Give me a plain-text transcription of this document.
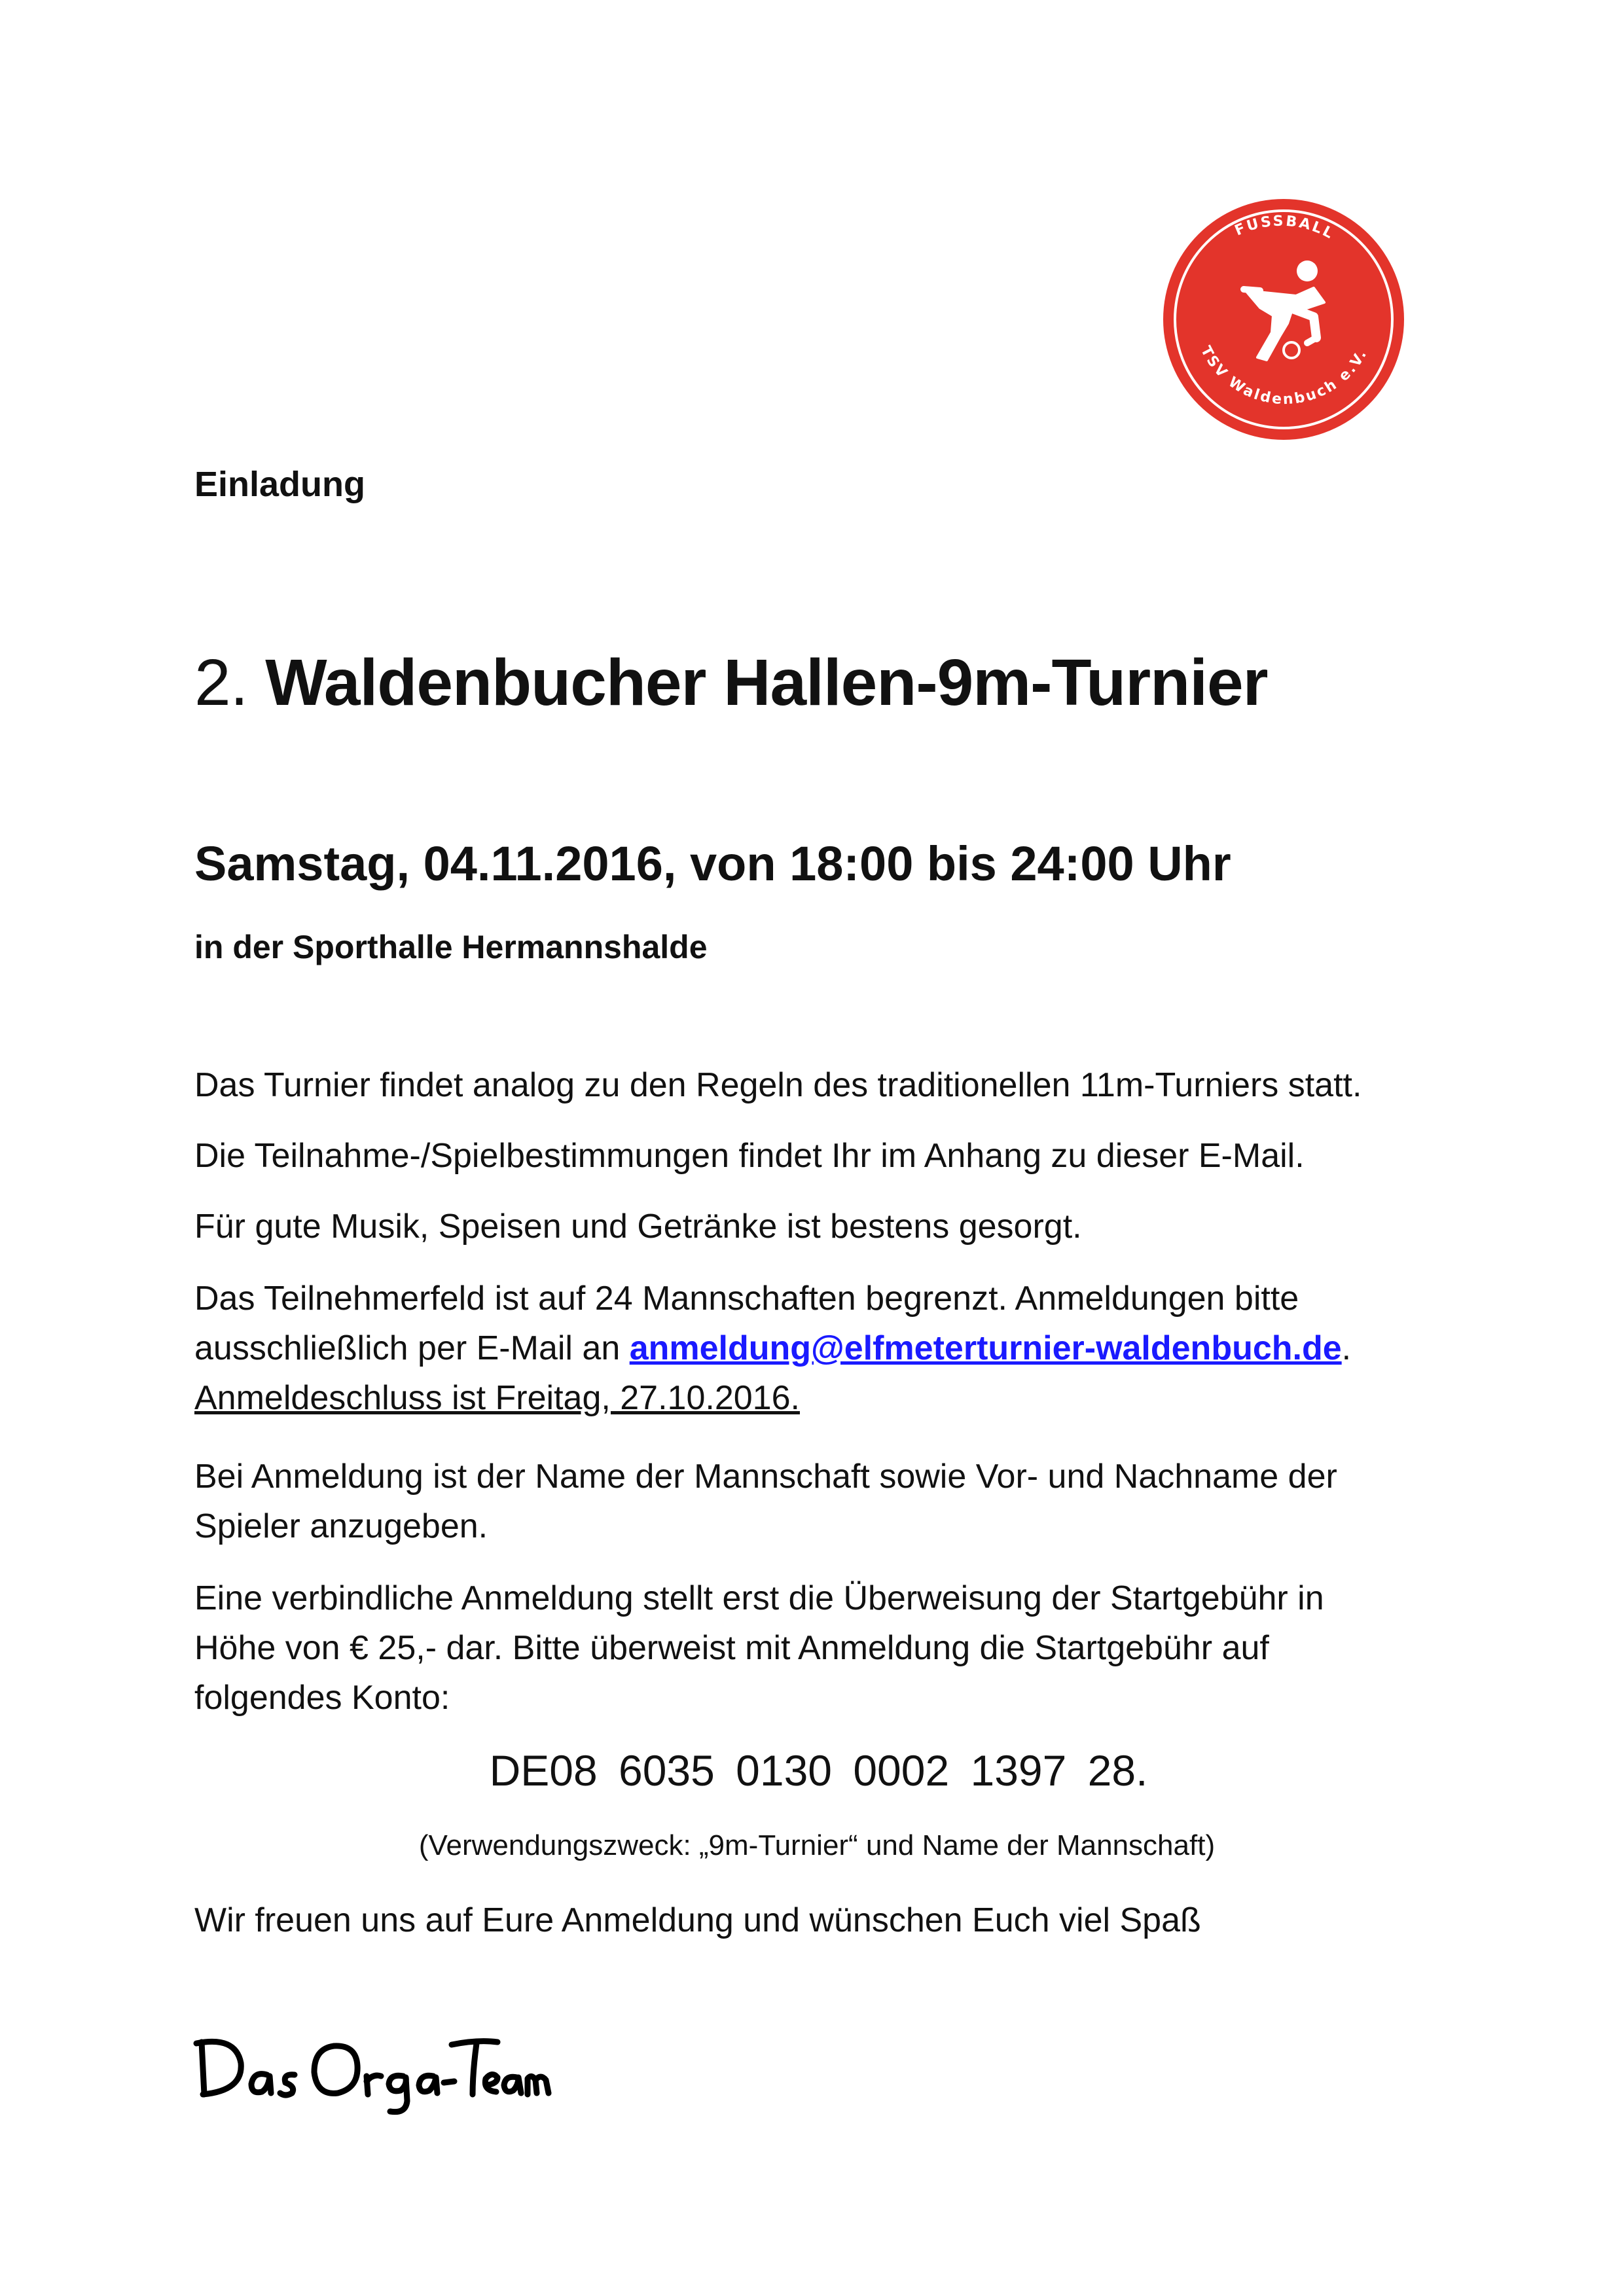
FUSSBALL
TSV Waldenbuch e.V.
Einladung
2. Waldenbucher Hallen-9m-Turnier
Samstag, 04.11.2016, von 18:00 bis 24:00 Uhr
in der Sporthalle Hermannshalde
Das Turnier findet analog zu den Regeln des traditionellen 11m-Turniers statt.
Die Teilnahme-/Spielbestimmungen findet Ihr im Anhang zu dieser E-Mail.
Für gute Musik, Speisen und Getränke ist bestens gesorgt.
Das Teilnehmerfeld ist auf 24 Mannschaften begrenzt. Anmeldungen bitte
ausschließlich per E-Mail an anmeldung@elfmeterturnier-waldenbuch.de.
Anmeldeschluss ist Freitag, 27.10.2016.
Bei Anmeldung ist der Name der Mannschaft sowie Vor- und Nachname der
Spieler anzugeben.
Eine verbindliche Anmeldung stellt erst die Überweisung der Startgebühr in
Höhe von € 25,- dar. Bitte überweist mit Anmeldung die Startgebühr auf
folgendes Konto:
DE08 6035 0130 0002 1397 28.
(Verwendungszweck: „9m-Turnier“ und Name der Mannschaft)
Wir freuen uns auf Eure Anmeldung und wünschen Euch viel Spaß
